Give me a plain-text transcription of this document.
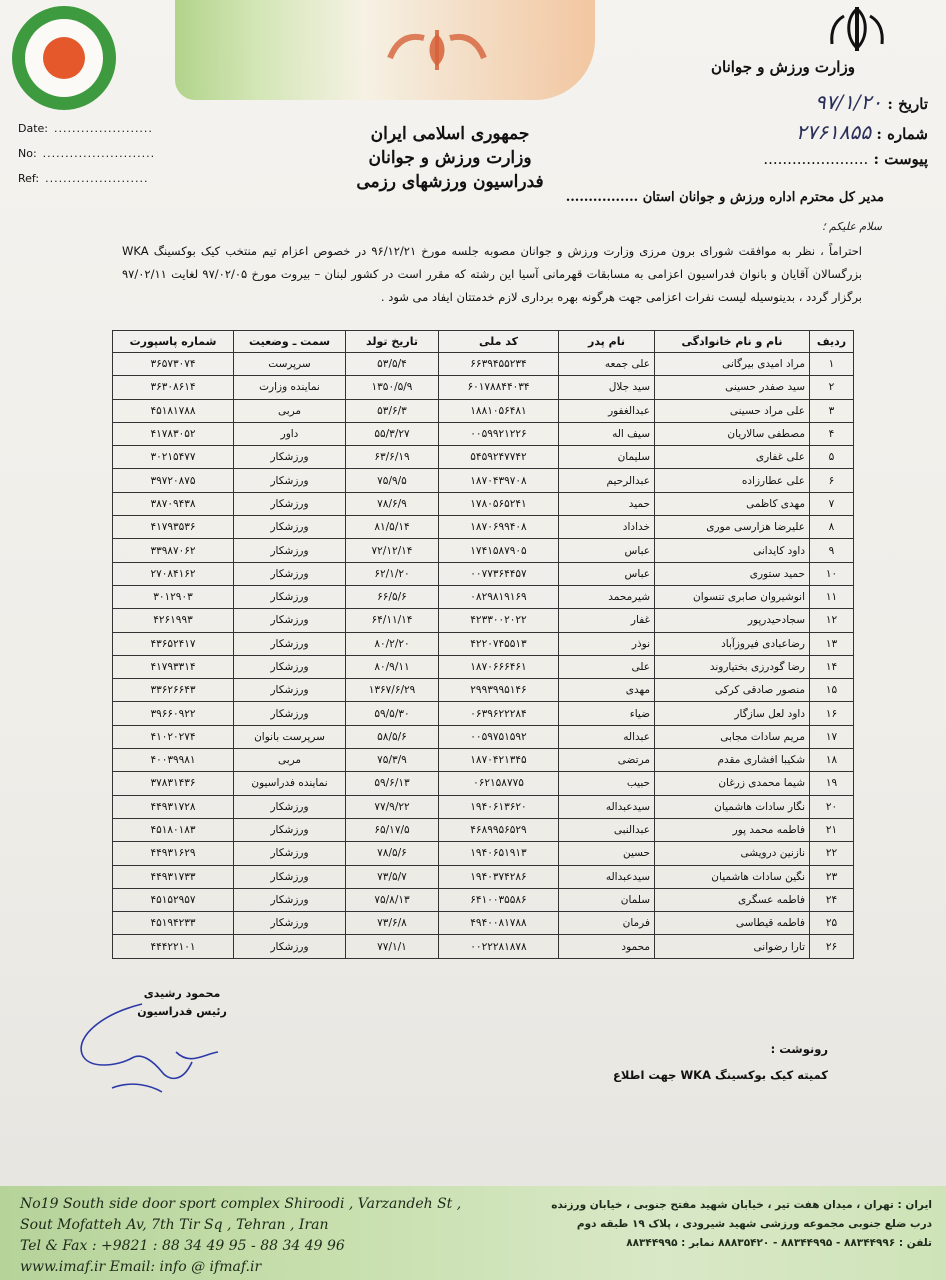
وزارت ورزش و جوانان
تاریخ : ۹۷/۱/۲۰
شماره : ۲۷۶۱۸۵۵
پیوست : ......................
Date: ......................
No: .........................
Ref: .......................
جمهوری اسلامی ایران
وزارت ورزش و جوانان
فدراسیون ورزشهای رزمی
مدیر کل محترم اداره ورزش و جوانان استان ................
سلام علیکم ؛
احتراماً ، نظر به موافقت شورای برون مرزی وزارت ورزش و جوانان مصوبه جلسه مورخ ۹۶/۱۲/۲۱ در خصوص اعزام تیم منتخب کیک بوکسینگ WKA بزرگسالان آقایان و بانوان فدراسیون اعزامی به مسابقات قهرمانی آسیا این رشته که مقرر است در کشور لبنان – بیروت مورخ ۹۷/۰۲/۰۵ لغایت ۹۷/۰۲/۱۱ برگزار گردد ، بدینوسیله لیست نفرات اعزامی جهت هرگونه بهره برداری لازم خدمتتان ایفاد می شود .
ردیف	نام و نام خانوادگی	نام پدر	کد ملی	تاریخ تولد	سمت ـ وضعیت	شماره پاسپورت
۱	مراد امیدی بیرگانی	علی جمعه	۶۶۳۹۴۵۵۲۳۴	۵۳/۵/۴	سرپرست	۳۶۵۷۳۰۷۴
۲	سید صفدر حسینی	سید جلال	۶۰۱۷۸۸۴۴۰۳۴	۱۳۵۰/۵/۹	نماینده وزارت	۳۶۳۰۸۶۱۴
۳	علی مراد حسینی	عبدالغفور	۱۸۸۱۰۵۶۴۸۱	۵۳/۶/۳	مربی	۴۵۱۸۱۷۸۸
۴	مصطفی سالاریان	سیف اله	۰۰۵۹۹۲۱۲۲۶	۵۵/۳/۲۷	داور	۴۱۷۸۳۰۵۲
۵	علی غفاری	سلیمان	۵۴۵۹۲۴۷۷۴۲	۶۳/۶/۱۹	ورزشکار	۳۰۲۱۵۴۷۷
۶	علی عطارزاده	عبدالرحیم	۱۸۷۰۴۳۹۷۰۸	۷۵/۹/۵	ورزشکار	۳۹۷۲۰۸۷۵
۷	مهدی کاظمی	حمید	۱۷۸۰۵۶۵۲۴۱	۷۸/۶/۹	ورزشکار	۳۸۷۰۹۴۳۸
۸	علیرضا هزارسی موری	خداداد	۱۸۷۰۶۹۹۴۰۸	۸۱/۵/۱۴	ورزشکار	۴۱۷۹۳۵۳۶
۹	داود کایدانی	عباس	۱۷۴۱۵۸۷۹۰۵	۷۲/۱۲/۱۴	ورزشکار	۳۳۹۸۷۰۶۲
۱۰	حمید ستوری	عباس	۰۰۷۷۳۶۴۴۵۷	۶۲/۱/۲۰	ورزشکار	۲۷۰۸۴۱۶۲
۱۱	انوشیروان صابری تنسوان	شیرمحمد	۰۸۲۹۸۱۹۱۶۹	۶۶/۵/۶	ورزشکار	۳۰۱۲۹۰۳
۱۲	سجادحیدرپور	غفار	۴۲۳۳۰۰۲۰۲۲	۶۴/۱۱/۱۴	ورزشکار	۴۲۶۱۹۹۳
۱۳	رضاعبادی فیروزآباد	نوذر	۴۲۲۰۷۴۵۵۱۳	۸۰/۲/۲۰	ورزشکار	۴۳۶۵۲۴۱۷
۱۴	رضا گودرزی بختیاروند	علی	۱۸۷۰۶۶۶۴۶۱	۸۰/۹/۱۱	ورزشکار	۴۱۷۹۳۳۱۴
۱۵	منصور صادقی کرکی	مهدی	۲۹۹۳۹۹۵۱۴۶	۱۳۶۷/۶/۲۹	ورزشکار	۳۳۶۲۶۶۴۳
۱۶	داود لعل سازگار	ضیاء	۰۶۳۹۶۲۲۲۸۴	۵۹/۵/۳۰	ورزشکار	۳۹۶۶۰۹۲۲
۱۷	مریم سادات مجابی	عبداله	۰۰۵۹۷۵۱۵۹۲	۵۸/۵/۶	سرپرست بانوان	۴۱۰۲۰۲۷۴
۱۸	شکیبا افشاری مقدم	مرتضی	۱۸۷۰۴۲۱۳۴۵	۷۵/۳/۹	مربی	۴۰۰۳۹۹۸۱
۱۹	شیما محمدی زرغان	حبیب	۰۶۲۱۵۸۷۷۵	۵۹/۶/۱۳	نماینده فدراسیون	۳۷۸۳۱۴۳۶
۲۰	نگار سادات هاشمیان	سیدعبداله	۱۹۴۰۶۱۳۶۲۰	۷۷/۹/۲۲	ورزشکار	۴۴۹۳۱۷۲۸
۲۱	فاطمه محمد پور	عبدالنبی	۴۶۸۹۹۵۶۵۲۹	۶۵/۱۷/۵	ورزشکار	۴۵۱۸۰۱۸۳
۲۲	نازنین درویشی	حسین	۱۹۴۰۶۵۱۹۱۳	۷۸/۵/۶	ورزشکار	۴۴۹۳۱۶۲۹
۲۳	نگین سادات هاشمیان	سیدعبداله	۱۹۴۰۳۷۴۲۸۶	۷۳/۵/۷	ورزشکار	۴۴۹۳۱۷۳۳
۲۴	فاطمه عسگری	سلمان	۶۴۱۰۰۳۵۵۸۶	۷۵/۸/۱۳	ورزشکار	۴۵۱۵۲۹۵۷
۲۵	فاطمه قیطاسی	فرمان	۴۹۴۰۰۸۱۷۸۸	۷۳/۶/۸	ورزشکار	۴۵۱۹۴۲۳۳
۲۶	تارا رضوانی	محمود	۰۰۲۲۲۸۱۸۷۸	۷۷/۱/۱	ورزشکار	۴۴۴۲۲۱۰۱
محمود رشیدی
رئیس فدراسیون
رونوشت :
کمیته کیک بوکسینگ WKA جهت اطلاع
No19 South side door sport complex Shiroodi , Varzandeh St ,
Sout Mofatteh Av, 7th Tir Sq , Tehran , Iran
Tel & Fax : +9821 : 88 34 49 95 - 88 34 49 96
www.imaf.ir Email: info @ ifmaf.ir
ایران : تهران ، میدان هفت تیر ، خیابان شهید مفتح جنوبی ، خیابان ورزنده
درب ضلع جنوبی مجموعه ورزشی شهید شیرودی ، پلاک ۱۹ طبقه دوم
تلفن : ۸۸۳۴۴۹۹۶ - ۸۸۳۴۴۹۹۵ - ۸۸۸۳۵۴۲۰ نمابر : ۸۸۳۴۴۹۹۵
